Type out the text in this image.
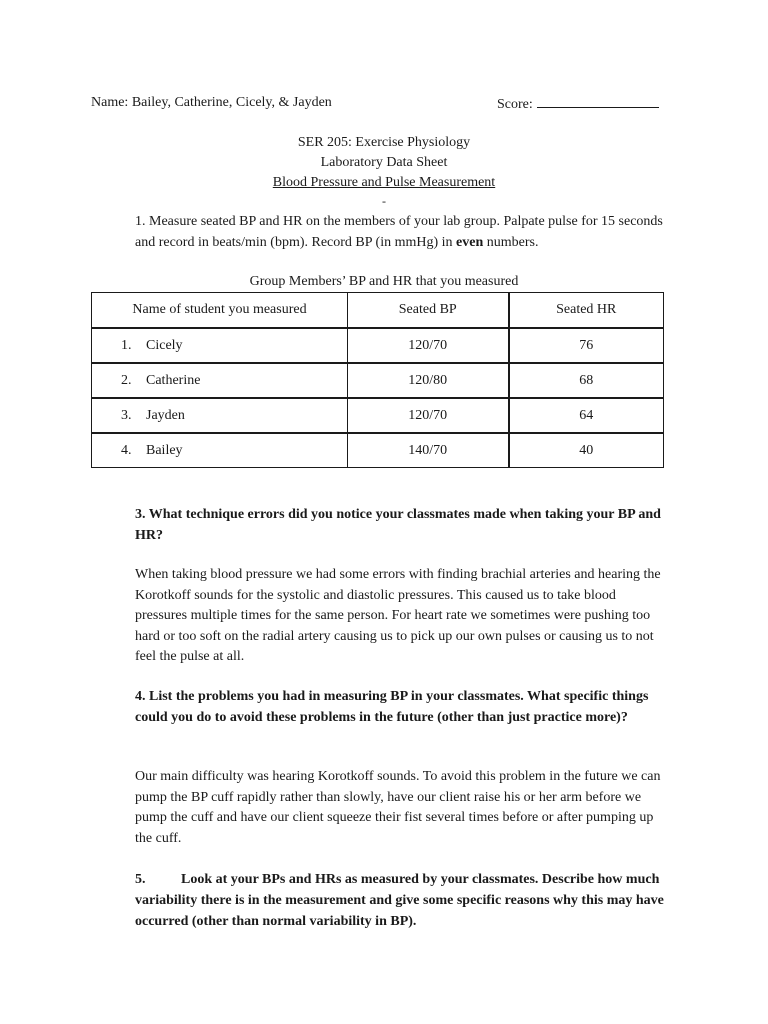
Name: Bailey, Catherine, Cicely, & Jayden	Score:
SER 205: Exercise Physiology
Laboratory Data Sheet
Blood Pressure and Pulse Measurement
-
1. Measure seated BP and HR on the members of your lab group. Palpate pulse for 15 seconds and record in beats/min (bpm). Record BP (in mmHg) in even numbers.
Group Members’ BP and HR that you measured
Name of student you measured	Seated BP	Seated HR
1. Cicely	120/70	76
2. Catherine	120/80	68
3. Jayden	120/70	64
4. Bailey	140/70	40
3. What technique errors did you notice your classmates made when taking your BP and HR?
When taking blood pressure we had some errors with finding brachial arteries and hearing the Korotkoff sounds for the systolic and diastolic pressures. This caused us to take blood pressures multiple times for the same person. For heart rate we sometimes were pushing too hard or too soft on the radial artery causing us to pick up our own pulses or causing us to not feel the pulse at all.
4. List the problems you had in measuring BP in your classmates. What specific things could you do to avoid these problems in the future (other than just practice more)?
Our main difficulty was hearing Korotkoff sounds. To avoid this problem in the future we can pump the BP cuff rapidly rather than slowly, have our client raise his or her arm before we pump the cuff and have our client squeeze their fist several times before or after pumping up the cuff.
5.	Look at your BPs and HRs as measured by your classmates. Describe how much variability there is in the measurement and give some specific reasons why this may have occurred (other than normal variability in BP).
